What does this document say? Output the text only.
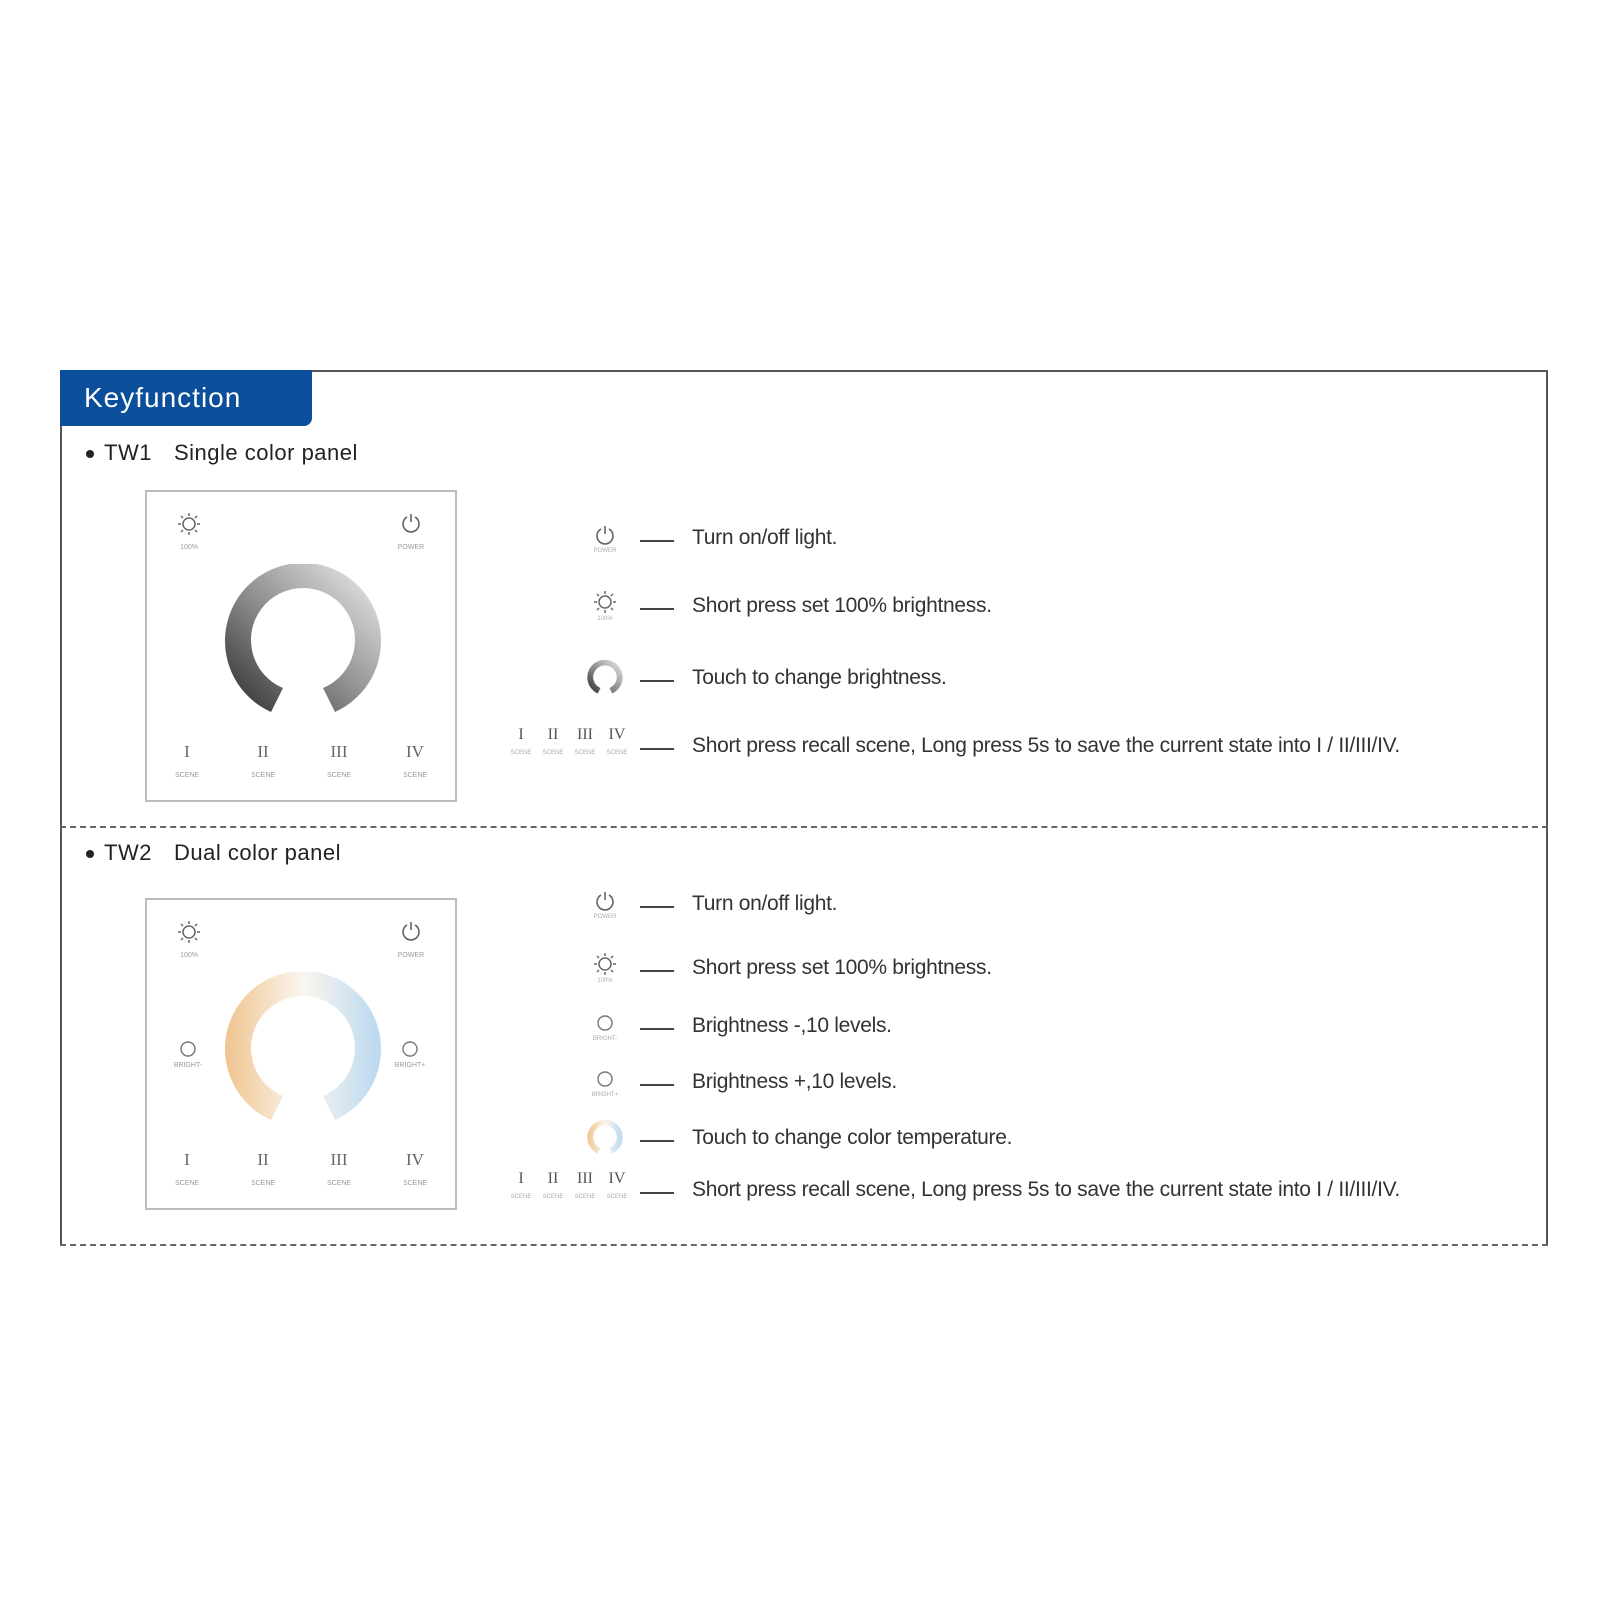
Keyfunction
TW1 Single color panel
100%	POWER
I	II	III	IV
SCENE	SCENE	SCENE	SCENE
POWER
Turn on/off light.
100%
Short press set 100% brightness.
Touch to change brightness.
I	II	III IV
SCENE	SCENE	SCENE	SCENE	Short press recall scene, Long press 5s to save the current state into I / II/III/IV.
TW2 Dual color panel
100%	POWER
BRIGHT-	BRIGHT+
I	II	III	IV
SCENE	SCENE	SCENE	SCENE
POWER
Turn on/off light.
100%
Short press set 100% brightness.
BRIGHT-
Brightness -,10 levels.
BRIGHT+
Brightness +,10 levels.
Touch to change color temperature.
I	II	III IV
SCENE	SCENE	SCENE	SCENE	Short press recall scene, Long press 5s to save the current state into I / II/III/IV.
